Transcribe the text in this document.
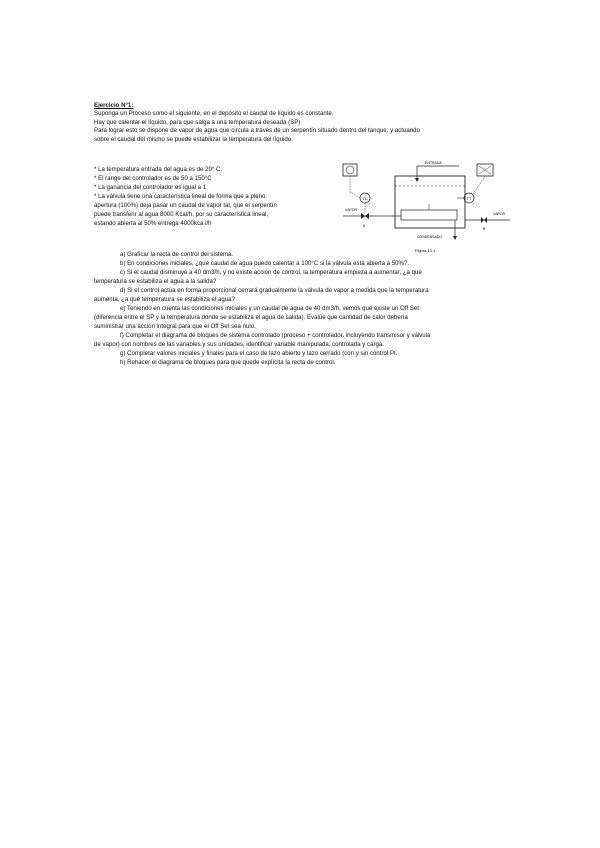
Ejercicio N°1:
Suponga un Proceso como el siguiente, en el depósito el caudal de líquido es constante.
Hay que calentar el líquido, para que salga a una temperatura deseada (SP)
Para lograr esto se dispone de vapor de agua que circula a través de un serpentín situado dentro del tanque, y actuando
sobre el caudal del mismo se puede estabilizar la temperatura del líquido.
* La temperatura entrada del agua es de 20° C.
* El range del controlador es de 50 a 150°C
* La ganancia del controlador es igual a 1
* La válvula tiene una característica lineal de forma que a pleno
apertura (100%) deja pasar un caudal de vapor tal, que el serpentín
puede transferir al agua 8000 Kcal/h, por su característica lineal,
estando abierta al 50% entrega 4000kca l/h
TC
VAPOR
A
ENTRADA
TT
VAPOR
B
CONDENSADO
Figura 13.1
a) Graficar la recta de control del sistema.
b) En condiciones iniciales, ¿qué caudal de agua puedo calentar a 100°C si la válvula está abierta a 50%?.
c) Si el caudal disminuye a 40 dm3/h, y no existe acción de control, la temperatura empieza a aumentar, ¿a que
temperatura se estabiliza el agua a la salida?
d) Si el control actúa en forma proporcional cerrará gradualmente la válvula de vapor a medida que la temperatura
aumenta, ¿a qué temperatura se estabiliza el agua?
e) Teniendo en cuenta las condiciones iniciales y un caudal de agua de 40 dm3/h, vemos que existe un Off Set
(diferencia entre el SP y la temperatura donde se estabiliza el agua de salida). Evalúe que cantidad de calor debería
suministrar una acción integral para que el Off Set sea nulo.
f) Completar el diagrama de bloques de sistema controlado (proceso + controlador, incluyendo transmisor y válvula
de vapor) con nombres de las variables y sus unidades, identificar variable manipulada, controlada y carga.
g) Completar valores iniciales y finales para el caso de lazo abierto y lazo cerrado (con y sin control PI.
h) Rehacer el diagrama de bloques para que quede explícita la recta de control.
